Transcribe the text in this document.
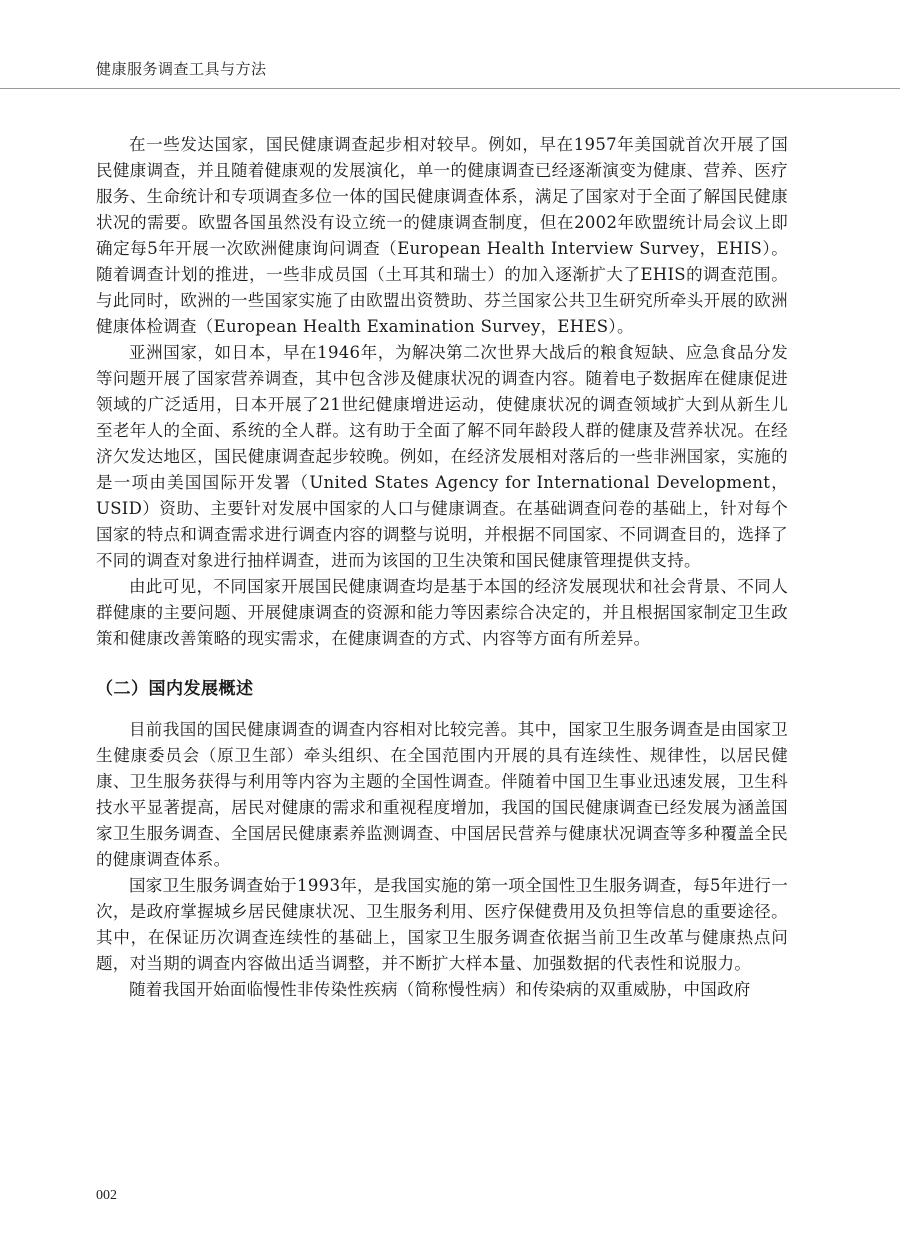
健康服务调查工具与方法

在一些发达国家，国民健康调查起步相对较早。例如，早在1957年美国就首次开展了国民健康调查，并且随着健康观的发展演化，单一的健康调查已经逐渐演变为健康、营养、医疗服务、生命统计和专项调查多位一体的国民健康调查体系，满足了国家对于全面了解国民健康状况的需要。欧盟各国虽然没有设立统一的健康调查制度，但在2002年欧盟统计局会议上即确定每5年开展一次欧洲健康询问调查（European Health Interview Survey，EHIS）。随着调查计划的推进，一些非成员国（土耳其和瑞士）的加入逐渐扩大了EHIS的调查范围。与此同时，欧洲的一些国家实施了由欧盟出资赞助、芬兰国家公共卫生研究所牵头开展的欧洲健康体检调查（European Health Examination Survey，EHES）。

亚洲国家，如日本，早在1946年，为解决第二次世界大战后的粮食短缺、应急食品分发等问题开展了国家营养调查，其中包含涉及健康状况的调查内容。随着电子数据库在健康促进领域的广泛适用，日本开展了21世纪健康增进运动，使健康状况的调查领域扩大到从新生儿至老年人的全面、系统的全人群。这有助于全面了解不同年龄段人群的健康及营养状况。在经济欠发达地区，国民健康调查起步较晚。例如，在经济发展相对落后的一些非洲国家，实施的是一项由美国国际开发署（United States Agency for International Development，USID）资助、主要针对发展中国家的人口与健康调查。在基础调查问卷的基础上，针对每个国家的特点和调查需求进行调查内容的调整与说明，并根据不同国家、不同调查目的，选择了不同的调查对象进行抽样调查，进而为该国的卫生决策和国民健康管理提供支持。

由此可见，不同国家开展国民健康调查均是基于本国的经济发展现状和社会背景、不同人群健康的主要问题、开展健康调查的资源和能力等因素综合决定的，并且根据国家制定卫生政策和健康改善策略的现实需求，在健康调查的方式、内容等方面有所差异。

（二）国内发展概述

目前我国的国民健康调查的调查内容相对比较完善。其中，国家卫生服务调查是由国家卫生健康委员会（原卫生部）牵头组织、在全国范围内开展的具有连续性、规律性，以居民健康、卫生服务获得与利用等内容为主题的全国性调查。伴随着中国卫生事业迅速发展，卫生科技水平显著提高，居民对健康的需求和重视程度增加，我国的国民健康调查已经发展为涵盖国家卫生服务调查、全国居民健康素养监测调查、中国居民营养与健康状况调查等多种覆盖全民的健康调查体系。

国家卫生服务调查始于1993年，是我国实施的第一项全国性卫生服务调查，每5年进行一次，是政府掌握城乡居民健康状况、卫生服务利用、医疗保健费用及负担等信息的重要途径。其中，在保证历次调查连续性的基础上，国家卫生服务调查依据当前卫生改革与健康热点问题，对当期的调查内容做出适当调整，并不断扩大样本量、加强数据的代表性和说服力。

随着我国开始面临慢性非传染性疾病（简称慢性病）和传染病的双重威胁，中国政府

002
